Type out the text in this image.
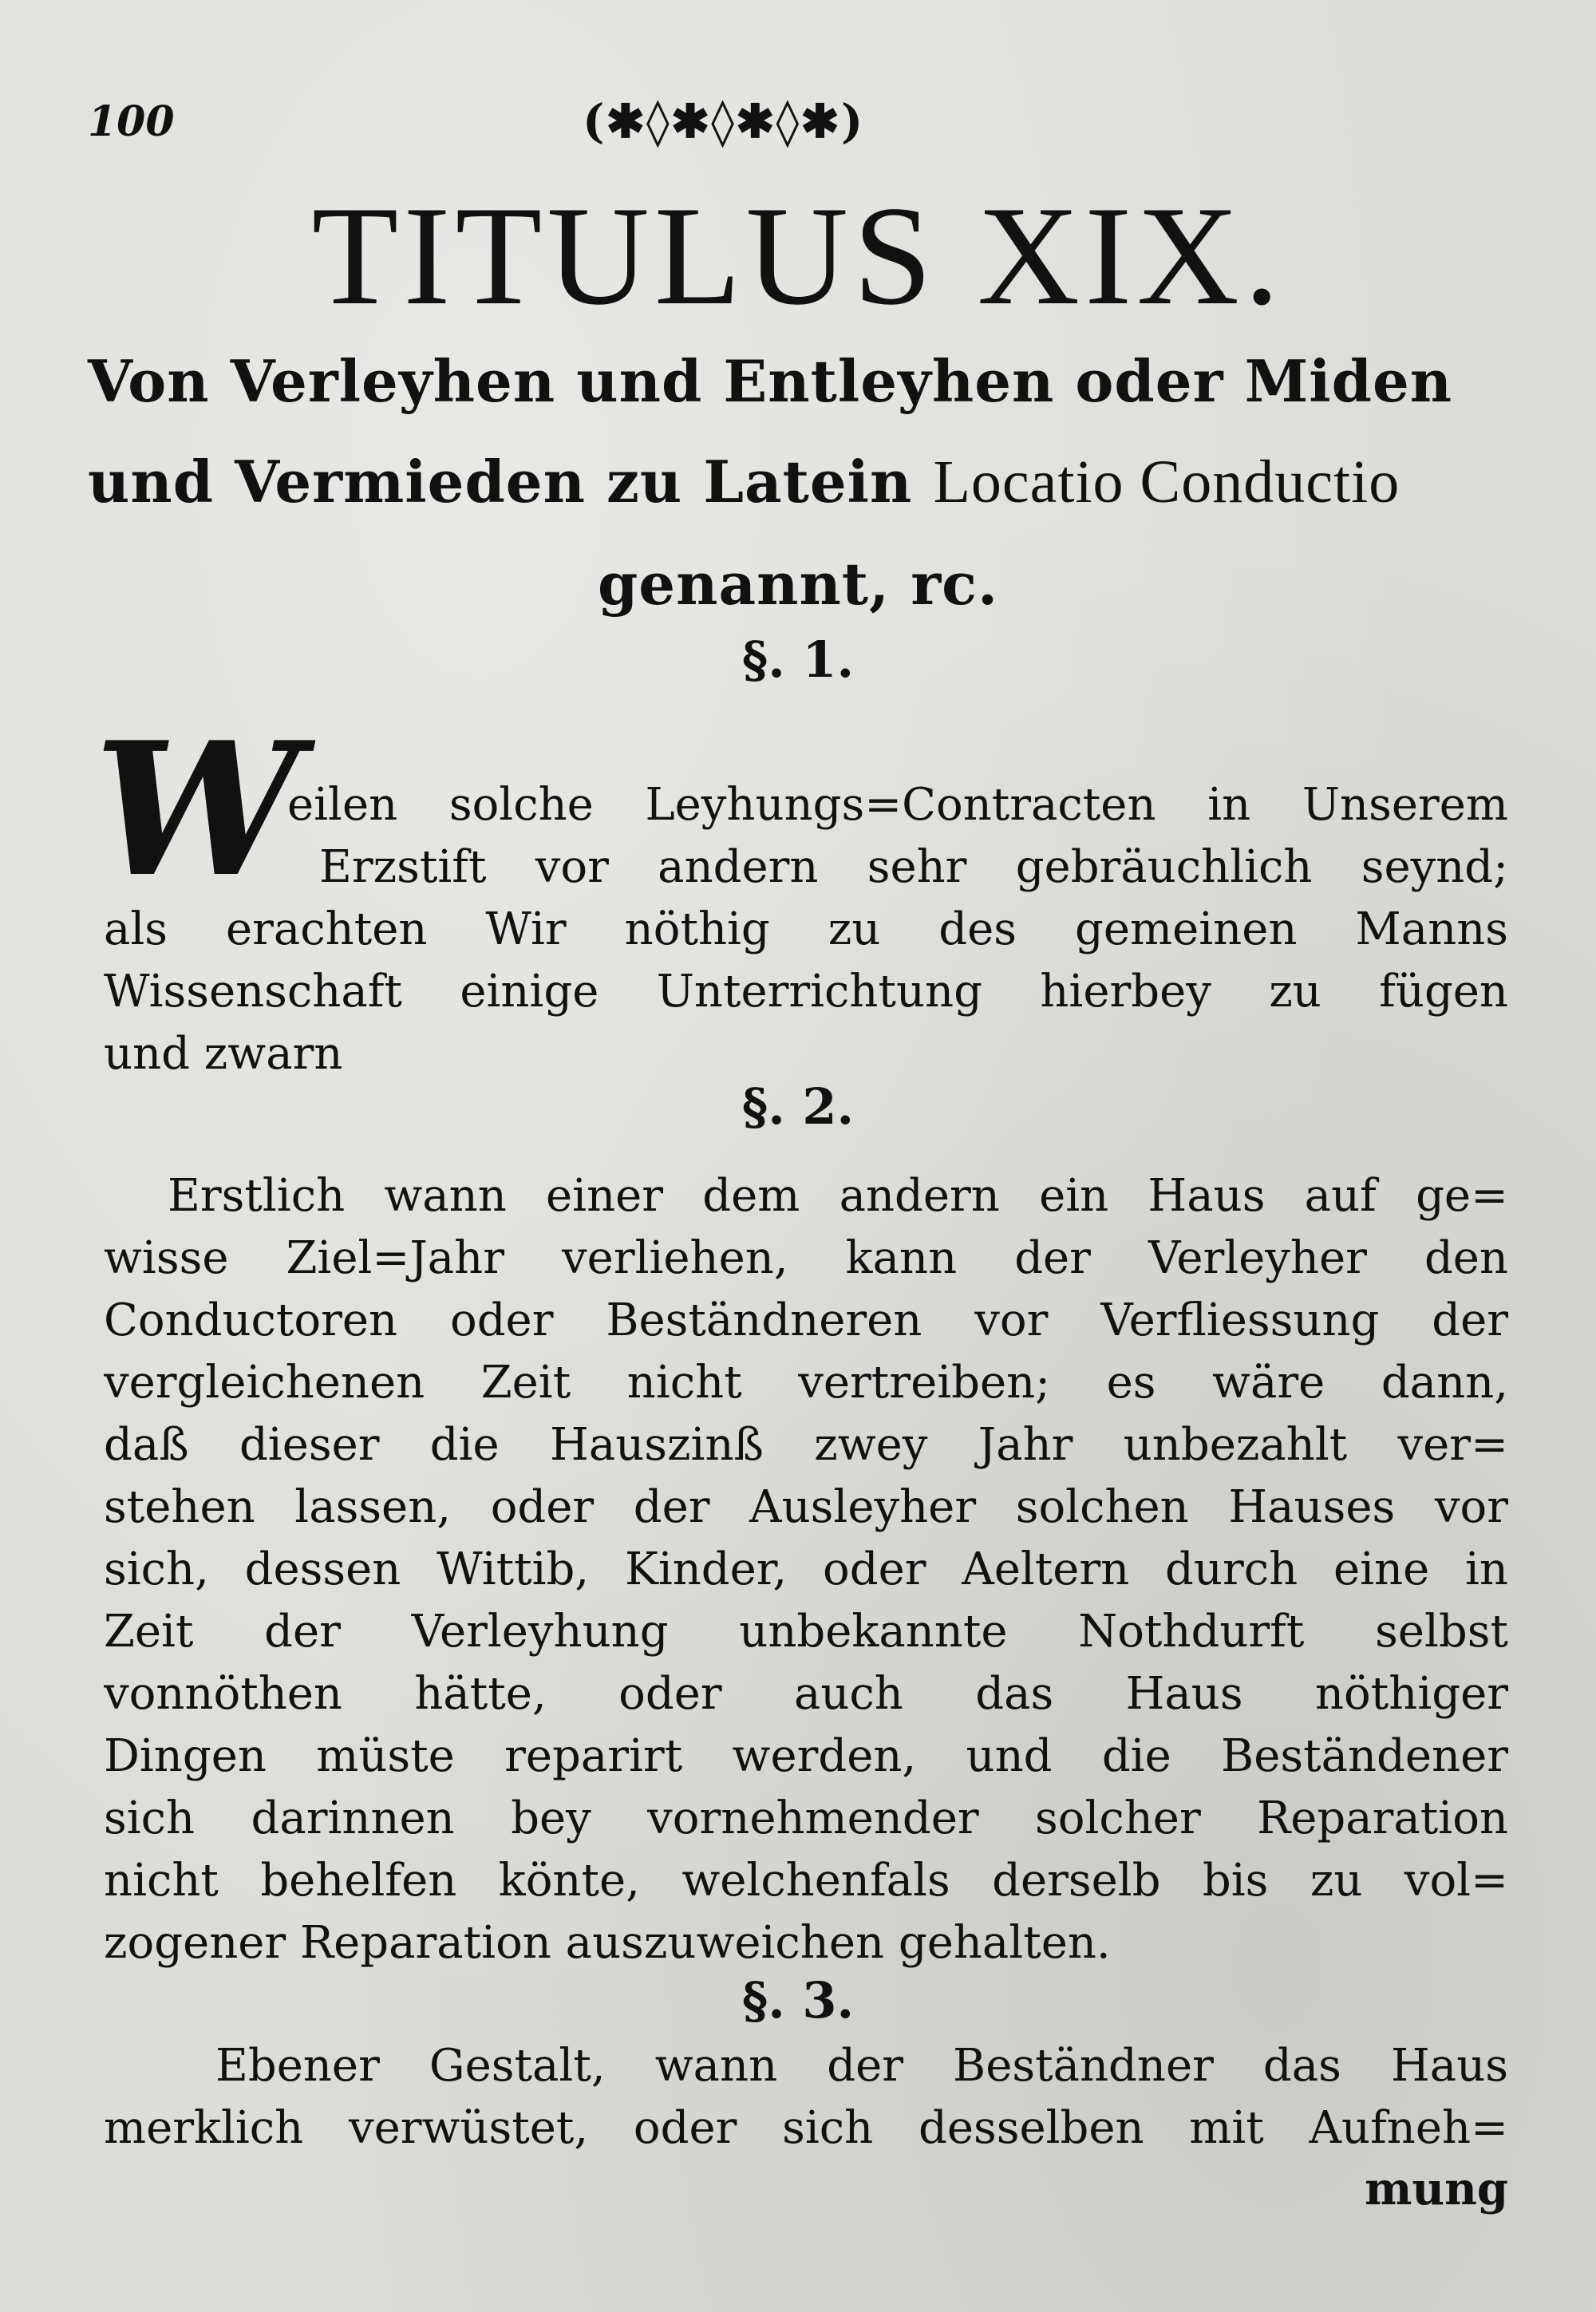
100	(✱◊✱◊✱◊✱)
TITULUS XIX.
Von Verleyhen und Entleyhen oder Miden
und Vermieden zu Latein Locatio Conductio
genannt, rc.
§. 1.
W
eilen solche Leyhungs=Contracten in Unserem
Erzstift vor andern sehr gebräuchlich seynd;
als erachten Wir nöthig zu des gemeinen Manns
Wissenschaft einige Unterrichtung hierbey zu fügen
und zwarn
§. 2.
Erstlich wann einer dem andern ein Haus auf ge=
wisse Ziel=Jahr verliehen, kann der Verleyher den
Conductoren oder Beständneren vor Verfliessung der
vergleichenen Zeit nicht vertreiben; es wäre dann,
daß dieser die Hauszinß zwey Jahr unbezahlt ver=
stehen lassen, oder der Ausleyher solchen Hauses vor
sich, dessen Wittib, Kinder, oder Aeltern durch eine in
Zeit der Verleyhung unbekannte Nothdurft selbst
vonnöthen hätte, oder auch das Haus nöthiger
Dingen müste reparirt werden, und die Beständener
sich darinnen bey vornehmender solcher Reparation
nicht behelfen könte, welchenfals derselb bis zu vol=
zogener Reparation auszuweichen gehalten.
§. 3.
Ebener Gestalt, wann der Beständner das Haus
merklich verwüstet, oder sich desselben mit Aufneh=
mung
